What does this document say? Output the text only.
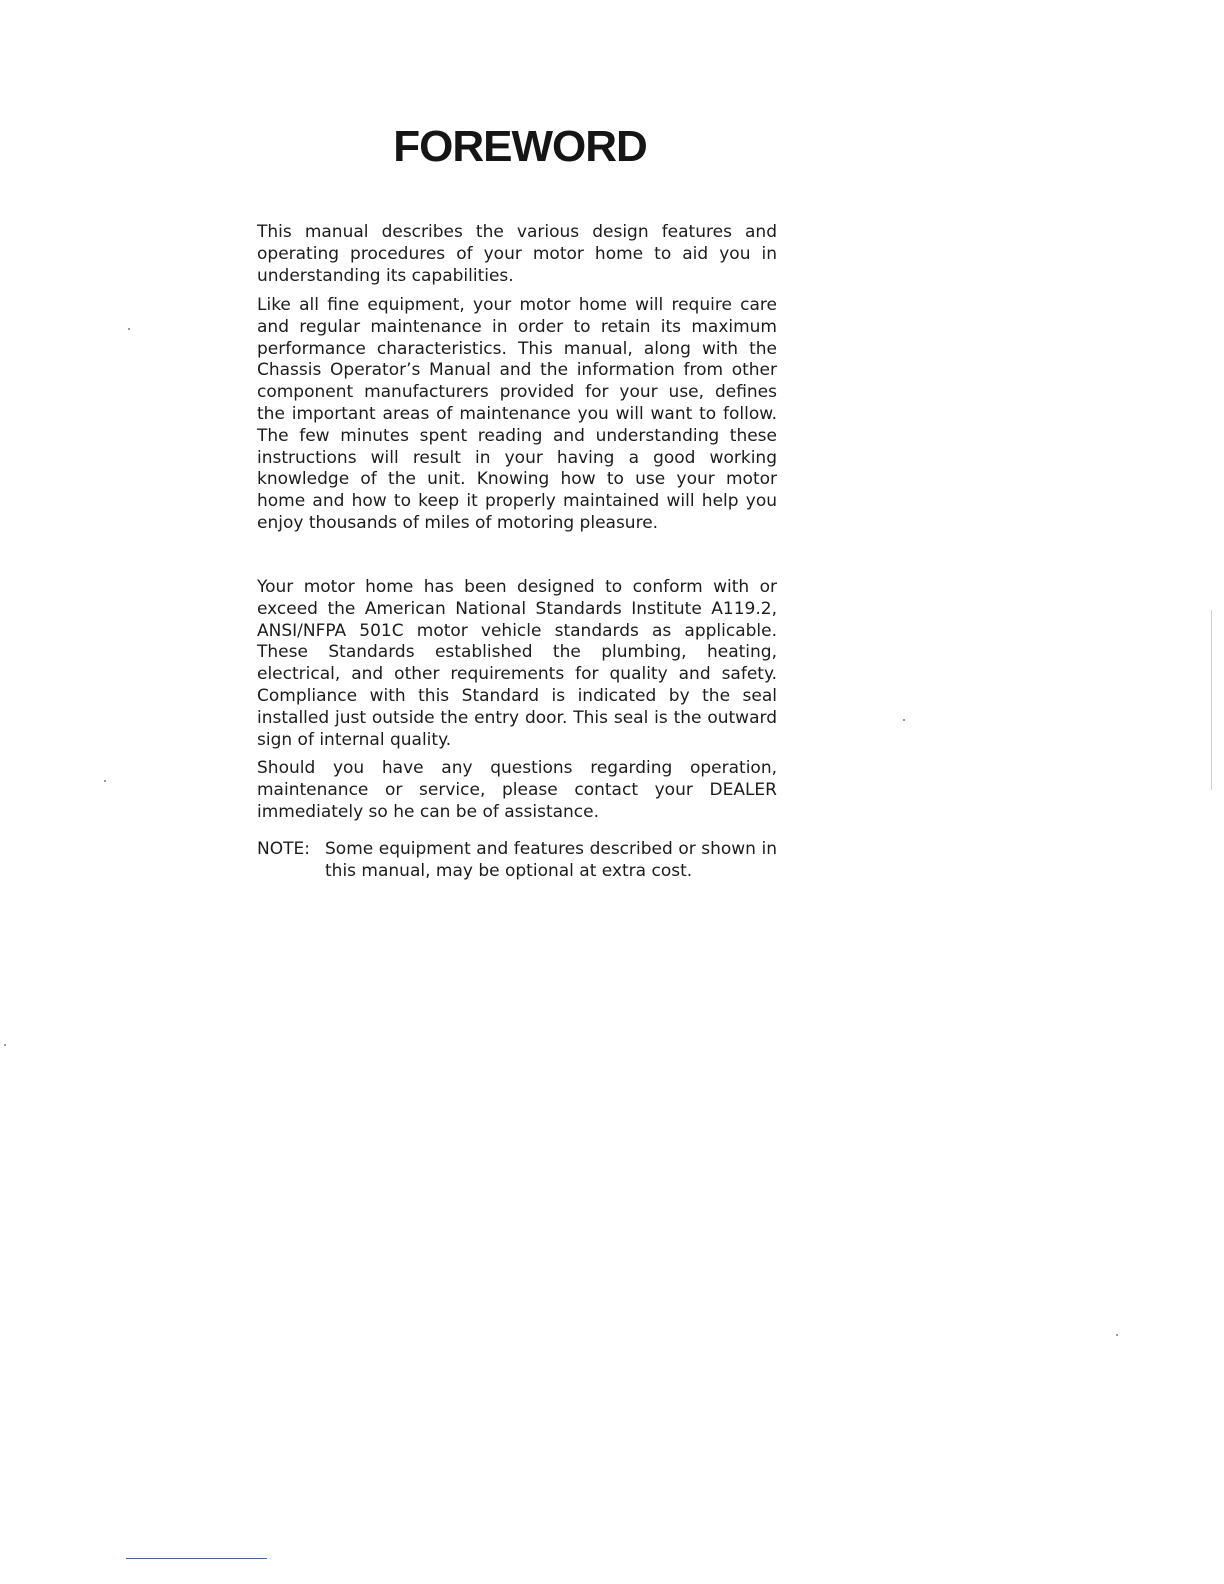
FOREWORD

This manual describes the various design features and operating procedures of your motor home to aid you in understanding its capabilities.

Like all fine equipment, your motor home will require care and regular maintenance in order to retain its maximum performance characteristics. This manual, along with the Chassis Operator’s Manual and the information from other component manufacturers provided for your use, defines the important areas of maintenance you will want to follow. The few minutes spent reading and understanding these instructions will result in your having a good working knowledge of the unit. Knowing how to use your motor home and how to keep it properly maintained will help you enjoy thousands of miles of motoring pleasure.

Your motor home has been designed to conform with or exceed the American National Standards Institute A119.2, ANSI/NFPA 501C motor vehicle standards as applicable. These Standards established the plumbing, heating, electrical, and other requirements for quality and safety. Compliance with this Standard is indicated by the seal installed just outside the entry door. This seal is the outward sign of internal quality.

Should you have any questions regarding operation, maintenance or service, please contact your DEALER immediately so he can be of assistance.

NOTE: Some equipment and features described or shown in this manual, may be optional at extra cost.
